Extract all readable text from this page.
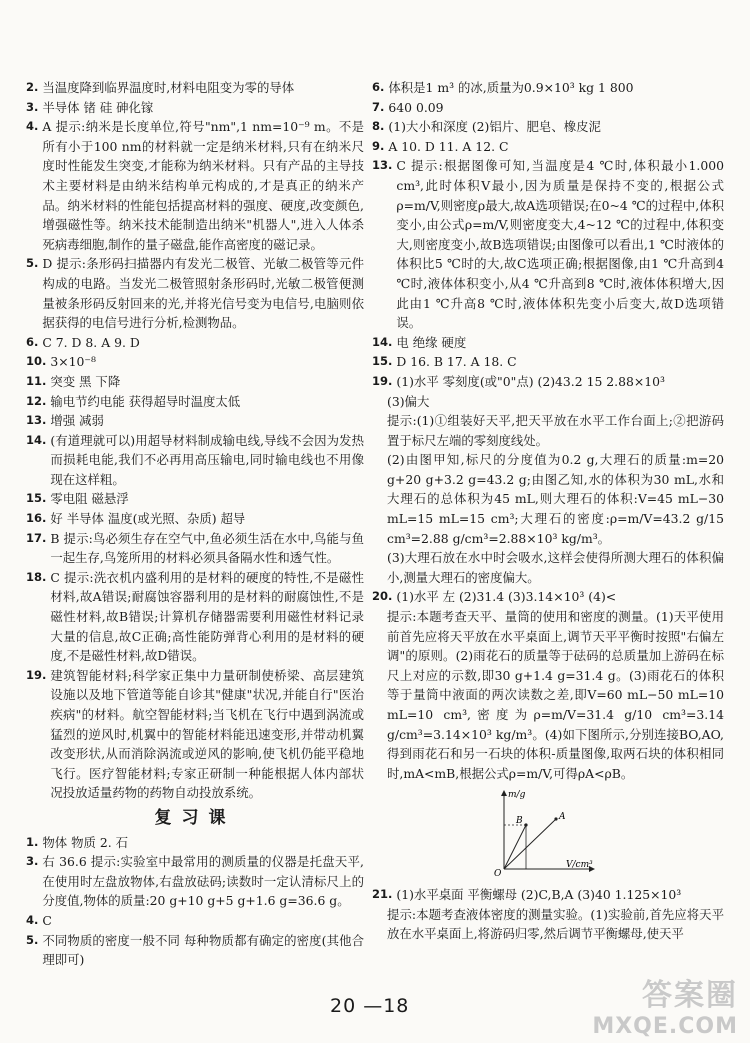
2. 当温度降到临界温度时,材料电阻变为零的导体
3. 半导体 锗 硅 砷化镓
4. A 提示:纳米是长度单位,符号"nm",1 nm=10⁻⁹ m。不是所有小于100 nm的材料就一定是纳米材料,只有在纳米尺度时性能发生突变,才能称为纳米材料。只有产品的主导技术主要材料是由纳米结构单元构成的,才是真正的纳米产品。纳米材料的性能包括提高材料的强度、硬度,改变颜色,增强磁性等。纳米技术能制造出纳米"机器人",进入人体杀死病毒细胞,制作的量子磁盘,能作高密度的磁记录。
5. D 提示:条形码扫描器内有发光二极管、光敏二极管等元件构成的电路。当发光二极管照射条形码时,光敏二极管便测量被条形码反射回来的光,并将光信号变为电信号,电脑则依据获得的电信号进行分析,检测物品。
6. C 7. D 8. A 9. D
10. 3×10⁻⁸
11. 突变 黑 下降
12. 输电节约电能 获得超导时温度太低
13. 增强 减弱
14. (有道理就可以)用超导材料制成输电线,导线不会因为发热而损耗电能,我们不必再用高压输电,同时输电线也不用像现在这样粗。
15. 零电阻 磁悬浮
16. 好 半导体 温度(或光照、杂质) 超导
17. B 提示:鸟必须生存在空气中,鱼必须生活在水中,鸟能与鱼一起生存,鸟笼所用的材料必须具备隔水性和透气性。
18. C 提示:洗衣机内盛利用的是材料的硬度的特性,不是磁性材料,故A错误;耐腐蚀容器利用的是材料的耐腐蚀性,不是磁性材料,故B错误;计算机存储器需要利用磁性材料记录大量的信息,故C正确;高性能防弹背心利用的是材料的硬度,不是磁性材料,故D错误。
19. 建筑智能材料;科学家正集中力量研制使桥梁、高层建筑设施以及地下管道等能自诊其"健康"状况,并能自行"医治疾病"的材料。航空智能材料;当飞机在飞行中遇到涡流或猛烈的逆风时,机翼中的智能材料能迅速变形,并带动机翼改变形状,从而消除涡流或逆风的影响,使飞机仍能平稳地飞行。医疗智能材料;专家正研制一种能根据人体内部状况投放适量药物的药物自动投放系统。
复习课
1. 物体 物质 2. 石
3. 右 36.6 提示:实验室中最常用的测质量的仪器是托盘天平,在使用时左盘放物体,右盘放砝码;读数时一定认清标尺上的分度值,物体的质量:20 g+10 g+5 g+1.6 g=36.6 g。
4. C
5. 不同物质的密度一般不同 每种物质都有确定的密度(其他合理即可)
6. 体积是1 m³ 的冰,质量为0.9×10³ kg 1 800
7. 640 0.09
8. (1)大小和深度 (2)铝片、肥皂、橡皮泥
9. A 10. D 11. A 12. C
13. C 提示:根据图像可知,当温度是4 ℃时,体积最小1.000 cm³,此时体积V最小,因为质量是保持不变的,根据公式ρ=m/V,则密度ρ最大,故A选项错误;在0~4 ℃的过程中,体积变小,由公式ρ=m/V,则密度变大,4~12 ℃的过程中,体积变大,则密度变小,故B选项错误;由图像可以看出,1 ℃时液体的体积比5 ℃时的大,故C选项正确;根据图像,由1 ℃升高到4 ℃时,液体体积变小,从4 ℃升高到8 ℃时,液体体积增大,因此由1 ℃升高8 ℃时,液体体积先变小后变大,故D选项错误。
14. 电 绝缘 硬度
15. D 16. B 17. A 18. C
19. (1)水平 零刻度(或"0"点) (2)43.2 15 2.88×10³
(3)偏大
提示:(1)①组装好天平,把天平放在水平工作台面上;②把游码置于标尺左端的零刻度线处。
(2)由图甲知,标尺的分度值为0.2 g,大理石的质量:m=20 g+20 g+3.2 g=43.2 g;由图乙知,水的体积为30 mL,水和大理石的总体积为45 mL,则大理石的体积:V=45 mL−30 mL=15 mL=15 cm³;大理石的密度:ρ=m/V=43.2 g/15 cm³=2.88 g/cm³=2.88×10³ kg/m³。
(3)大理石放在水中时会吸水,这样会使得所测大理石的体积偏小,测量大理石的密度偏大。
20. (1)水平 左 (2)31.4 (3)3.14×10³ (4)<
提示:本题考查天平、量筒的使用和密度的测量。(1)天平使用前首先应将天平放在水平桌面上,调节天平平衡时按照"右偏左调"的原则。(2)雨花石的质量等于砝码的总质量加上游码在标尺上对应的示数,即30 g+1.4 g=31.4 g。(3)雨花石的体积等于量筒中液面的两次读数之差,即V=60 mL−50 mL=10 mL=10 cm³,密度为ρ=m/V=31.4 g/10 cm³=3.14 g/cm³=3.14×10³ kg/m³。(4)如下图所示,分别连接BO,AO,得到雨花石和另一石块的体积-质量图像,取两石块的体积相同时,mA<mB,根据公式ρ=m/V,可得ρA<ρB。
m/g
V/cm³
O
A
B
21. (1)水平桌面 平衡螺母 (2)C,B,A (3)40 1.125×10³
提示:本题考查液体密度的测量实验。(1)实验前,首先应将天平放在水平桌面上,将游码归零,然后调节平衡螺母,使天平
20 —18	答案圈
MXQE.COM
